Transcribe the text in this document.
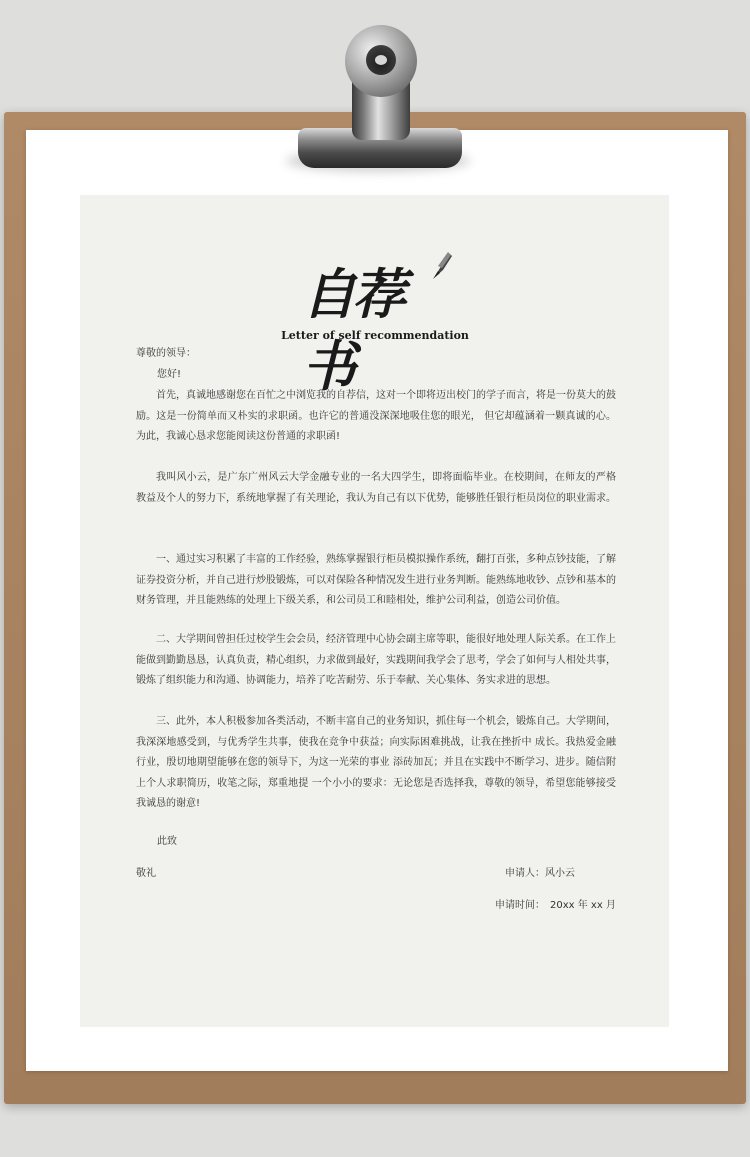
自荐书
Letter of self recommendation
尊敬的领导：
您好!
首先，真诚地感谢您在百忙之中浏览我的自荐信，这对一个即将迈出校门的学子而言，将是一份莫大的鼓励。这是一份简单而又朴实的求职函。也许它的普通没深深地吸住您的眼光， 但它却蕴涵着一颗真诚的心。为此，我诚心恳求您能阅读这份普通的求职函!
我叫风小云，是广东广州风云大学金融专业的一名大四学生，即将面临毕业。在校期间，在师友的严格 教益及个人的努力下，系统地掌握了有关理论，我认为自己有以下优势，能够胜任银行柜员岗位的职业需求。
一、通过实习积累了丰富的工作经验，熟练掌握银行柜员模拟操作系统，翻打百张，多种点钞技能，了解证券投资分析，并自己进行炒股锻炼，可以对保险各种情况发生进行业务判断。能熟练地收钞、点钞和基本的财务管理，并且能熟练的处理上下级关系，和公司员工和睦相处，维护公司利益，创造公司价值。
二、大学期间曾担任过校学生会会员，经济管理中心协会副主席等职，能很好地处理人际关系。在工作上能做到勤勤恳恳，认真负责，精心组织，力求做到最好，实践期间我学会了思考，学会了如何与人相处共事，锻炼了组织能力和沟通、协调能力，培养了吃苦耐劳、乐于奉献、关心集体、务实求进的思想。
三、此外，本人积极参加各类活动，不断丰富自己的业务知识，抓住每一个机会，锻炼自己。大学期间，我深深地感受到，与优秀学生共事，使我在竞争中获益；向实际困难挑战，让我在挫折中 成长。我热爱金融行业，殷切地期望能够在您的领导下，为这一光荣的事业 添砖加瓦；并且在实践中不断学习、进步。随信附上个人求职简历，收笔之际，郑重地提 一个小小的要求：无论您是否选择我，尊敬的领导，希望您能够接受我诚恳的谢意!
此致
敬礼	申请人：风小云
申请时间：　20xx 年 xx 月
